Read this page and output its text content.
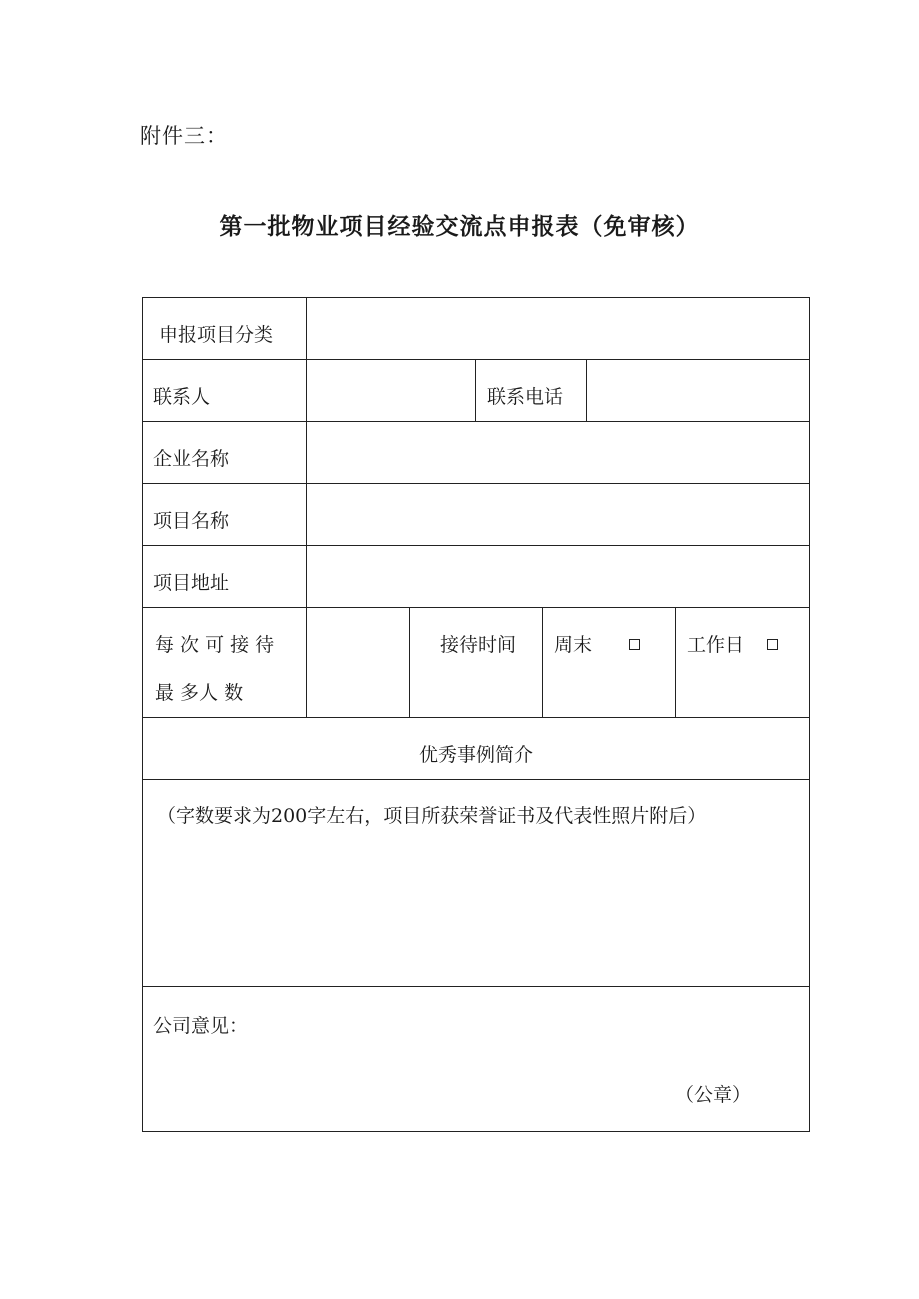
附件三：
第一批物业项目经验交流点申报表（免审核）
申报项目分类
联系人	联系电话
企业名称
项目名称
项目地址
每 次 可 接 待
最 多人 数
接待时间 周末	工作日
优秀事例简介
（字数要求为200字左右，项目所获荣誉证书及代表性照片附后）
公司意见：
（公章）
